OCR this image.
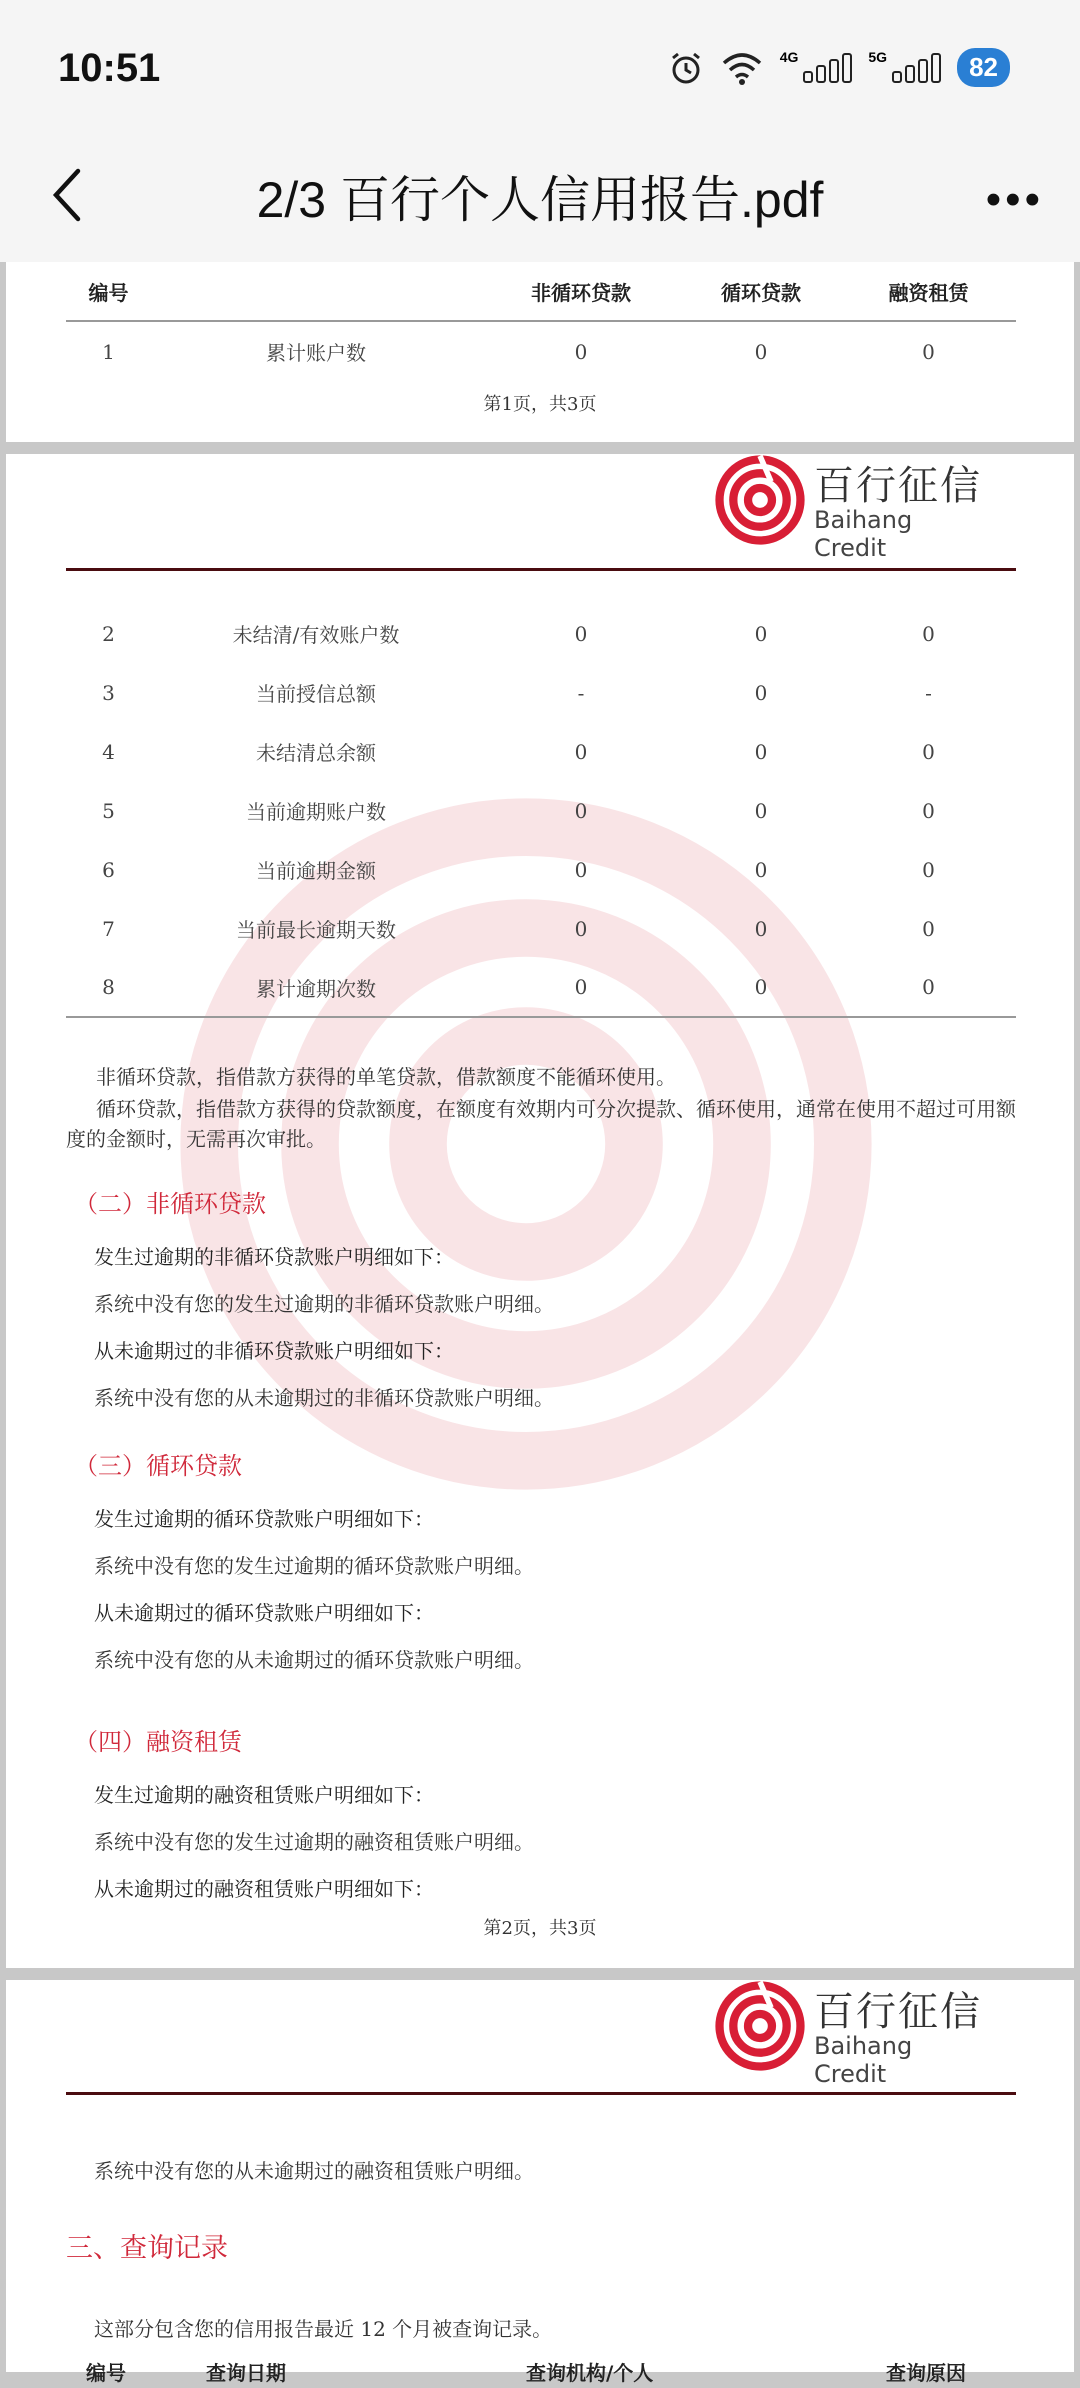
10:51	4G	5G	82
2/3 百行个人信用报告.pdf	•••
编号		非循环贷款	循环贷款	融资租赁
1	累计账户数	0	0	0
第1页，共3页
百行征信
Baihang Credit
2	未结清/有效账户数	0	0	0
3	当前授信总额	-	0	-
4	未结清总余额	0	0	0
5	当前逾期账户数	0	0	0
6	当前逾期金额	0	0	0
7	当前最长逾期天数	0	0	0
8	累计逾期次数	0	0	0
非循环贷款，指借款方获得的单笔贷款，借款额度不能循环使用。
循环贷款，指借款方获得的贷款额度，在额度有效期内可分次提款、循环使用，通常在使用不超过可用额度的金额时，无需再次审批。
（二）非循环贷款
发生过逾期的非循环贷款账户明细如下：
系统中没有您的发生过逾期的非循环贷款账户明细。
从未逾期过的非循环贷款账户明细如下：
系统中没有您的从未逾期过的非循环贷款账户明细。
（三）循环贷款
发生过逾期的循环贷款账户明细如下：
系统中没有您的发生过逾期的循环贷款账户明细。
从未逾期过的循环贷款账户明细如下：
系统中没有您的从未逾期过的循环贷款账户明细。
（四）融资租赁
发生过逾期的融资租赁账户明细如下：
系统中没有您的发生过逾期的融资租赁账户明细。
从未逾期过的融资租赁账户明细如下：
第2页，共3页
百行征信
Baihang Credit
系统中没有您的从未逾期过的融资租赁账户明细。
三、查询记录
这部分包含您的信用报告最近 12 个月被查询记录。
编号	查询日期	查询机构/个人	查询原因
